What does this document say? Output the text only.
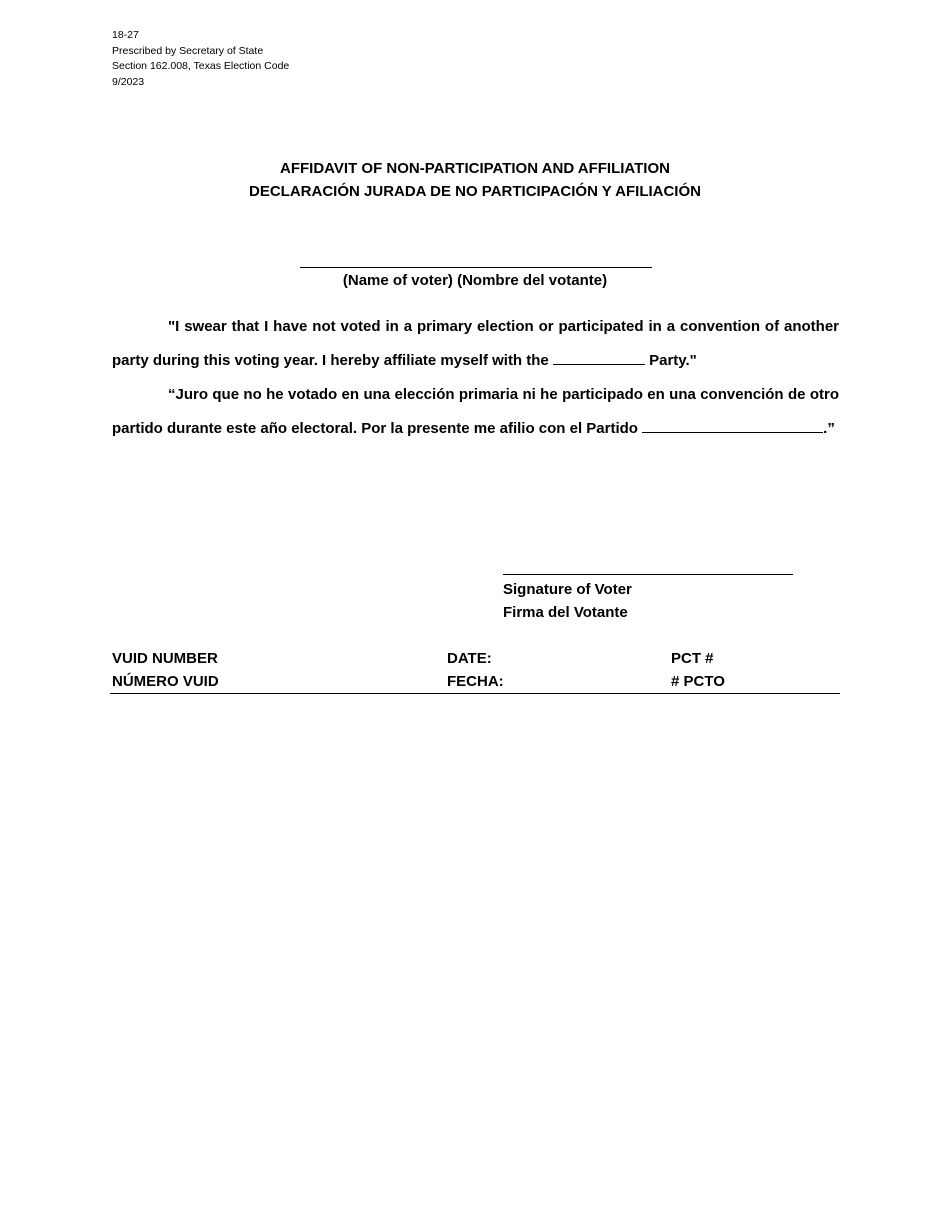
18-27
Prescribed by Secretary of State
Section 162.008, Texas Election Code
9/2023
AFFIDAVIT OF NON-PARTICIPATION AND AFFILIATION
DECLARACIÓN JURADA DE NO PARTICIPACIÓN Y AFILIACIÓN
(Name of voter) (Nombre del votante)

"I swear that I have not voted in a primary election or participated in a convention of another party during this voting year. I hereby affiliate myself with the	Party."

“Juro que no he votado en una elección primaria ni he participado en una convención de otro partido durante este año electoral. Por la presente me afilio con el Partido	.”

Signature of Voter
Firma del Votante
VUID NUMBER
NÚMERO VUID
DATE:
FECHA:
PCT #
# PCTO
